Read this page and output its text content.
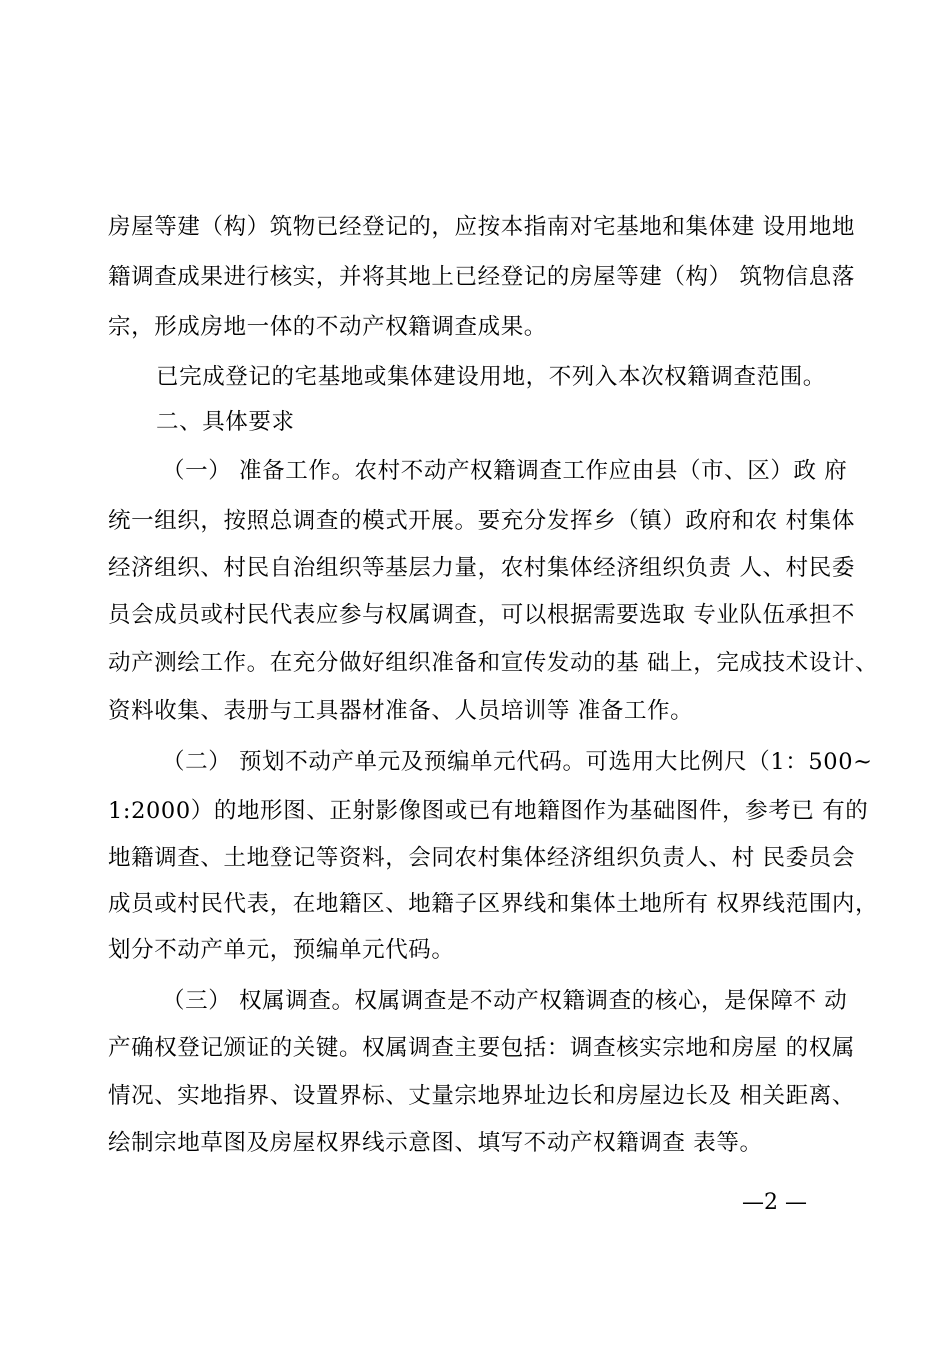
房屋等建（构）筑物已经登记的，应按本指南对宅基地和集体建 设用地地
籍调查成果进行核实，并将其地上已经登记的房屋等建（构） 筑物信息落
宗，形成房地一体的不动产权籍调查成果。
已完成登记的宅基地或集体建设用地，不列入本次权籍调查范围。
二、具体要求
（一） 准备工作。农村不动产权籍调查工作应由县（市、区）政 府
统一组织，按照总调查的模式开展。要充分发挥乡（镇）政府和农 村集体
经济组织、村民自治组织等基层力量，农村集体经济组织负责 人、村民委
员会成员或村民代表应参与权属调查，可以根据需要选取 专业队伍承担不
动产测绘工作。在充分做好组织准备和宣传发动的基 础上，完成技术设计、
资料收集、表册与工具器材准备、人员培训等 准备工作。
（二） 预划不动产单元及预编单元代码。可选用大比例尺（1：500~
1:2000）的地形图、正射影像图或已有地籍图作为基础图件，参考已 有的
地籍调查、土地登记等资料，会同农村集体经济组织负责人、村 民委员会
成员或村民代表，在地籍区、地籍子区界线和集体土地所有 权界线范围内，
划分不动产单元，预编单元代码。
（三） 权属调查。权属调查是不动产权籍调查的核心，是保障不 动
产确权登记颁证的关键。权属调查主要包括：调查核实宗地和房屋 的权属
情况、实地指界、设置界标、丈量宗地界址边长和房屋边长及 相关距离、
绘制宗地草图及房屋权界线示意图、填写不动产权籍调查 表等。
—2 —
